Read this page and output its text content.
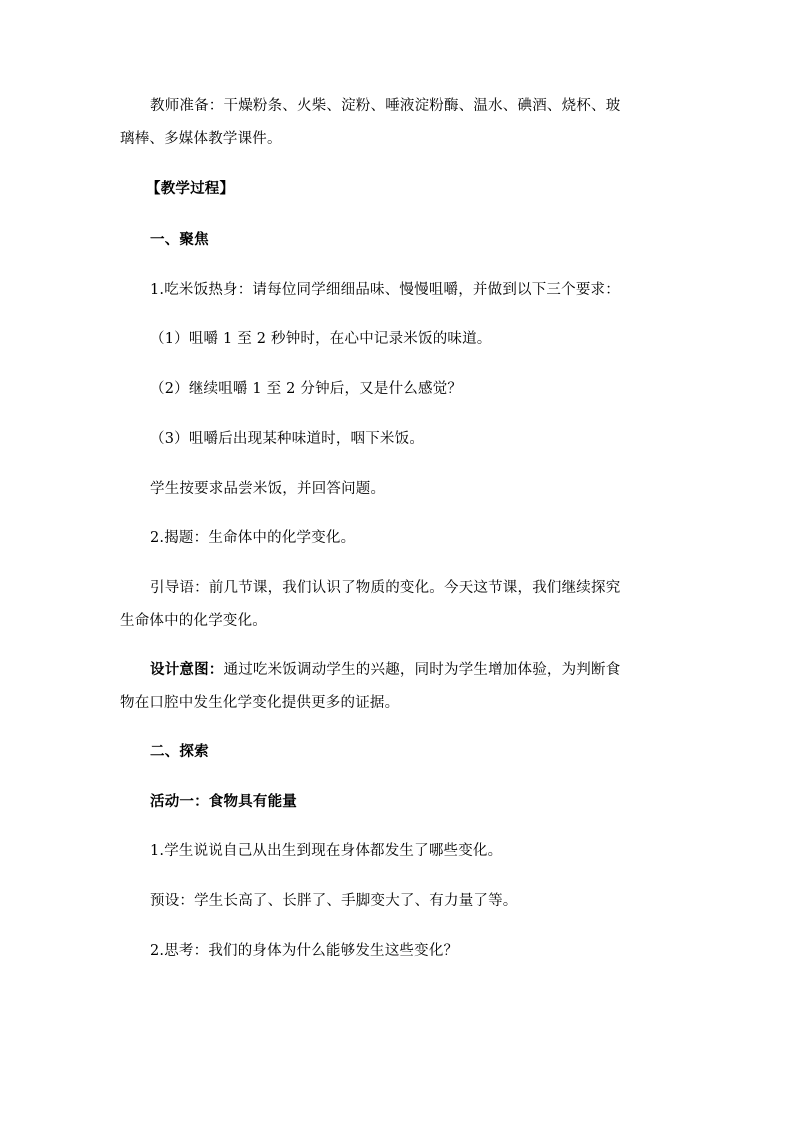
教师准备：干燥粉条、火柴、淀粉、唾液淀粉酶、温水、碘酒、烧杯、玻
璃棒、多媒体教学课件。
【教学过程】
一、聚焦
1.吃米饭热身：请每位同学细细品味、慢慢咀嚼，并做到以下三个要求：
（1）咀嚼 1 至 2 秒钟时，在心中记录米饭的味道。
（2）继续咀嚼 1 至 2 分钟后，又是什么感觉？
（3）咀嚼后出现某种味道时，咽下米饭。
学生按要求品尝米饭，并回答问题。
2.揭题：生命体中的化学变化。
引导语：前几节课，我们认识了物质的变化。今天这节课，我们继续探究
生命体中的化学变化。
设计意图：通过吃米饭调动学生的兴趣，同时为学生增加体验，为判断食
物在口腔中发生化学变化提供更多的证据。
二、探索
活动一：食物具有能量
1.学生说说自己从出生到现在身体都发生了哪些变化。
预设：学生长高了、长胖了、手脚变大了、有力量了等。
2.思考：我们的身体为什么能够发生这些变化？
